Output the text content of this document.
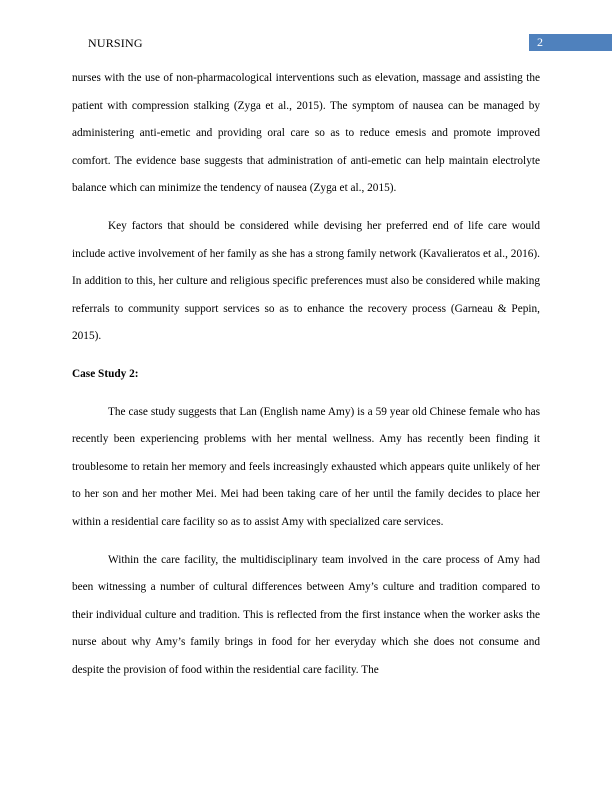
NURSING	2

nurses with the use of non-pharmacological interventions such as elevation, massage and assisting the patient with compression stalking (Zyga et al., 2015). The symptom of nausea can be managed by administering anti-emetic and providing oral care so as to reduce emesis and promote improved comfort. The evidence base suggests that administration of anti-emetic can help maintain electrolyte balance which can minimize the tendency of nausea (Zyga et al., 2015).

Key factors that should be considered while devising her preferred end of life care would include active involvement of her family as she has a strong family network (Kavalieratos et al., 2016). In addition to this, her culture and religious specific preferences must also be considered while making referrals to community support services so as to enhance the recovery process (Garneau & Pepin, 2015).

Case Study 2:

The case study suggests that Lan (English name Amy) is a 59 year old Chinese female who has recently been experiencing problems with her mental wellness. Amy has recently been finding it troublesome to retain her memory and feels increasingly exhausted which appears quite unlikely of her to her son and her mother Mei. Mei had been taking care of her until the family decides to place her within a residential care facility so as to assist Amy with specialized care services.

Within the care facility, the multidisciplinary team involved in the care process of Amy had been witnessing a number of cultural differences between Amy’s culture and tradition compared to their individual culture and tradition. This is reflected from the first instance when the worker asks the nurse about why Amy’s family brings in food for her everyday which she does not consume and despite the provision of food within the residential care facility. The
